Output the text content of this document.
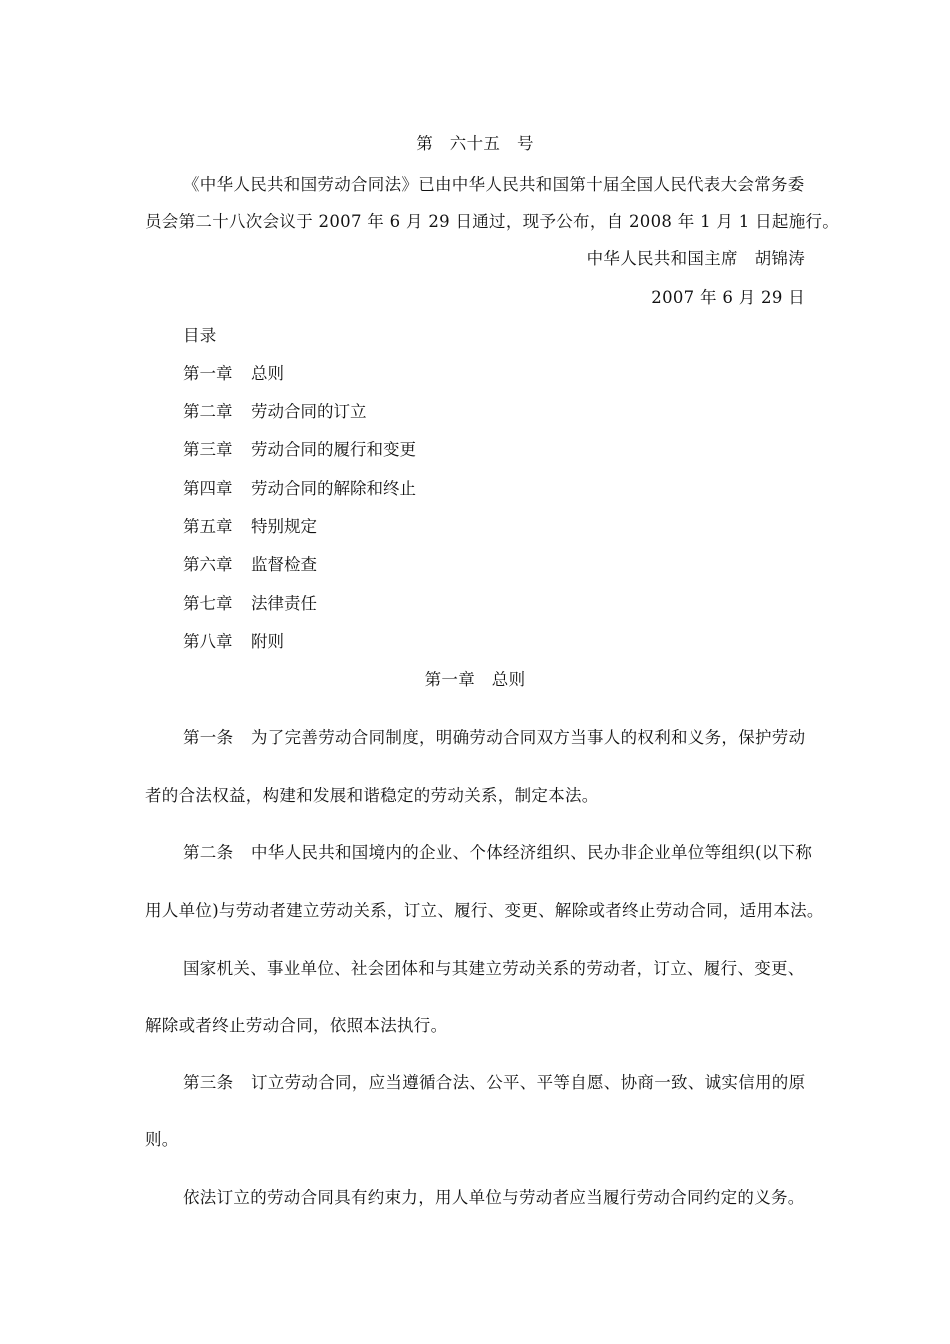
第　六十五　号
《中华人民共和国劳动合同法》已由中华人民共和国第十届全国人民代表大会常务委
员会第二十八次会议于 2007 年 6 月 29 日通过，现予公布，自 2008 年 1 月 1 日起施行。
中华人民共和国主席　胡锦涛
2007 年 6 月 29 日
目录
第一章 总则
第二章 劳动合同的订立
第三章 劳动合同的履行和变更
第四章 劳动合同的解除和终止
第五章 特别规定
第六章 监督检查
第七章 法律责任
第八章 附则
第一章　总则
第一条 为了完善劳动合同制度，明确劳动合同双方当事人的权利和义务，保护劳动
者的合法权益，构建和发展和谐稳定的劳动关系，制定本法。
第二条 中华人民共和国境内的企业、个体经济组织、民办非企业单位等组织(以下称
用人单位)与劳动者建立劳动关系，订立、履行、变更、解除或者终止劳动合同，适用本法。
国家机关、事业单位、社会团体和与其建立劳动关系的劳动者，订立、履行、变更、
解除或者终止劳动合同，依照本法执行。
第三条 订立劳动合同，应当遵循合法、公平、平等自愿、协商一致、诚实信用的原
则。
依法订立的劳动合同具有约束力，用人单位与劳动者应当履行劳动合同约定的义务。
